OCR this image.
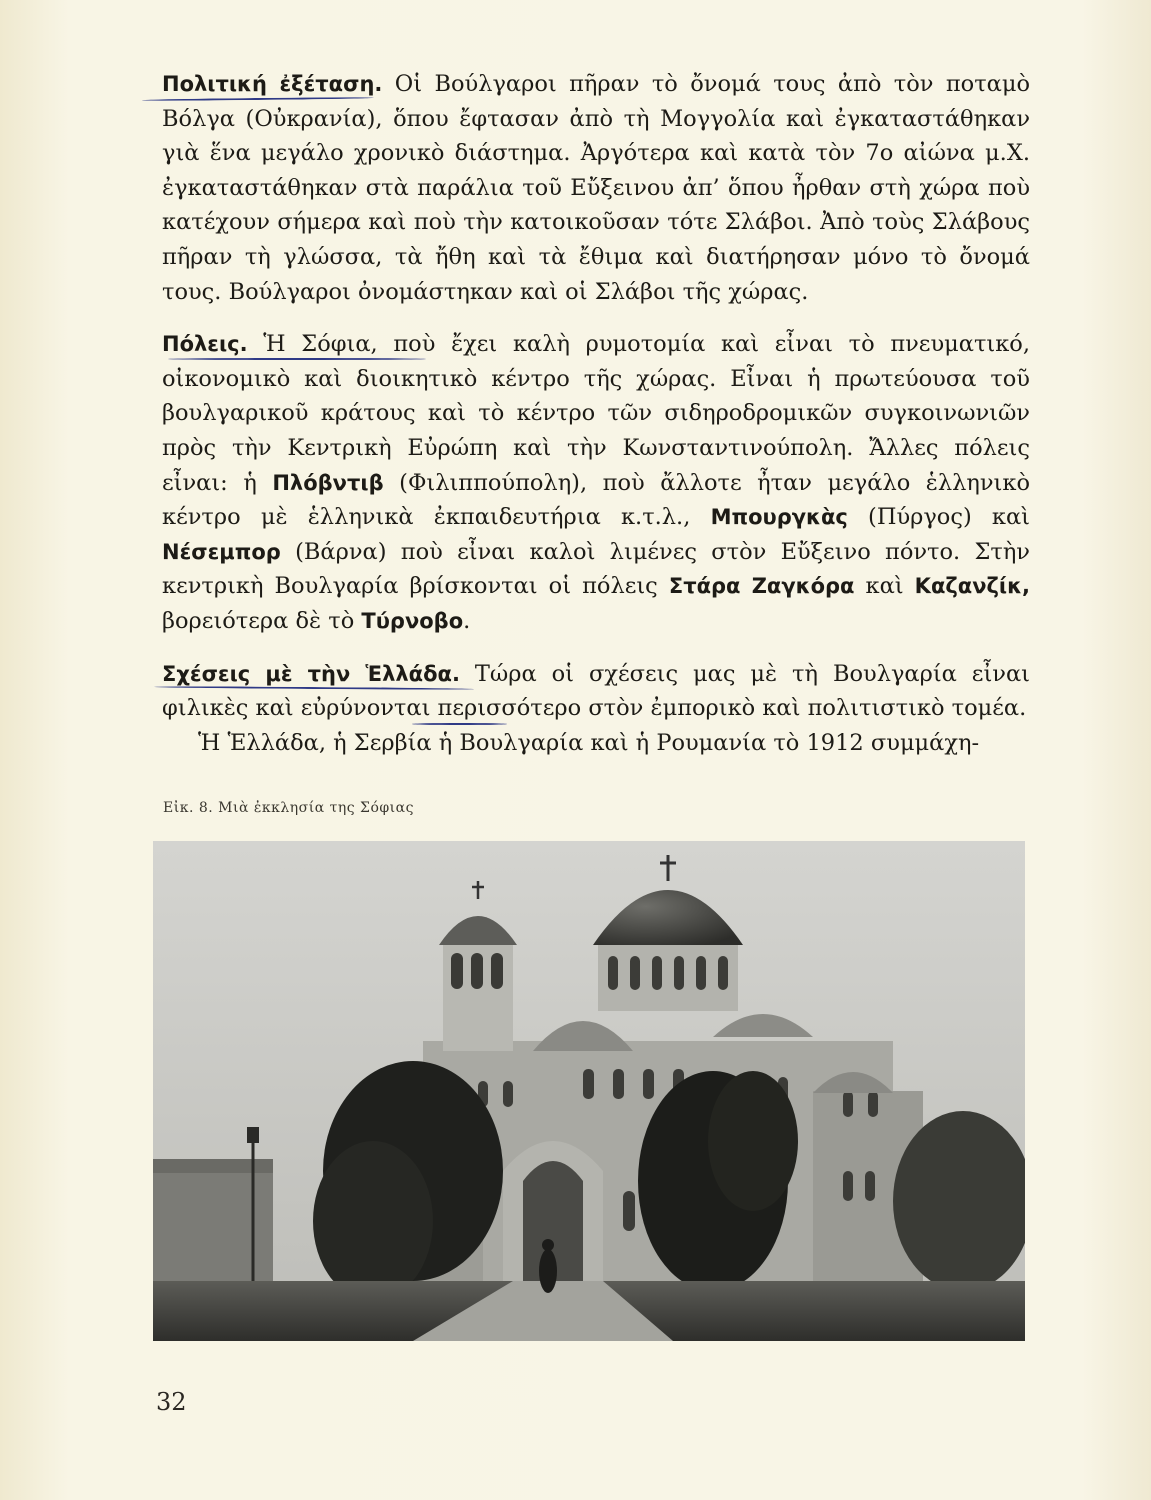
Πολιτική ἐξέταση. Οἱ Βούλγαροι πῆραν τὸ ὄνομά τους ἀπὸ τὸν ποταμὸ Βόλγα (Οὐκρανία), ὅπου ἔφτασαν ἀπὸ τὴ Μογγολία καὶ ἐγκαταστάθηκαν γιὰ ἕνα μεγάλο χρονικὸ διάστημα. Ἀργότερα καὶ κατὰ τὸν 7ο αἰώνα μ.Χ. ἐγκαταστάθηκαν στὰ παράλια τοῦ Εὔξεινου ἀπ’ ὅπου ἦρθαν στὴ χώρα ποὺ κατέχουν σήμερα καὶ ποὺ τὴν κατοικοῦσαν τότε Σλάβοι. Ἀπὸ τοὺς Σλάβους πῆραν τὴ γλώσσα, τὰ ἤθη καὶ τὰ ἔθιμα καὶ διατήρησαν μόνο τὸ ὄνομά τους. Βούλγαροι ὀνομάστηκαν καὶ οἱ Σλάβοι τῆς χώρας.

Πόλεις. Ἡ Σόφια, ποὺ ἔχει καλὴ ρυμοτομία καὶ εἶναι τὸ πνευματικό, οἰκονομικὸ καὶ διοικητικὸ κέντρο τῆς χώρας. Εἶναι ἡ πρωτεύουσα τοῦ βουλγαρικοῦ κράτους καὶ τὸ κέντρο τῶν σιδηροδρομικῶν συγκοινωνιῶν πρὸς τὴν Κεντρικὴ Εὐρώπη καὶ τὴν Κωνσταντινούπολη. Ἄλλες πόλεις εἶναι: ἡ Πλόβντιβ (Φιλιππούπολη), ποὺ ἄλλοτε ἦταν μεγάλο ἑλληνικὸ κέντρο μὲ ἑλληνικὰ ἐκπαιδευτήρια κ.τ.λ., Μπουργκὰς (Πύργος) καὶ Νέσεμπορ (Βάρνα) ποὺ εἶναι καλοὶ λιμένες στὸν Εὔξεινο πόντο. Στὴν κεντρικὴ Βουλγαρία βρίσκονται οἱ πόλεις Στάρα Ζαγκόρα καὶ Καζανζίκ, βορειότερα δὲ τὸ Τύρνοβο.

Σχέσεις μὲ τὴν Ἑλλάδα. Τώρα οἱ σχέσεις μας μὲ τὴ Βουλγαρία εἶναι φιλικὲς καὶ εὐρύνονται περισσότερο στὸν ἐμπορικὸ καὶ πολιτιστικὸ τομέα.

Ἡ Ἑλλάδα, ἡ Σερβία ἡ Βουλγαρία καὶ ἡ Ρουμανία τὸ 1912 συμμάχη-

Εἰκ. 8. Μιὰ ἐκκλησία της Σόφιας
32
